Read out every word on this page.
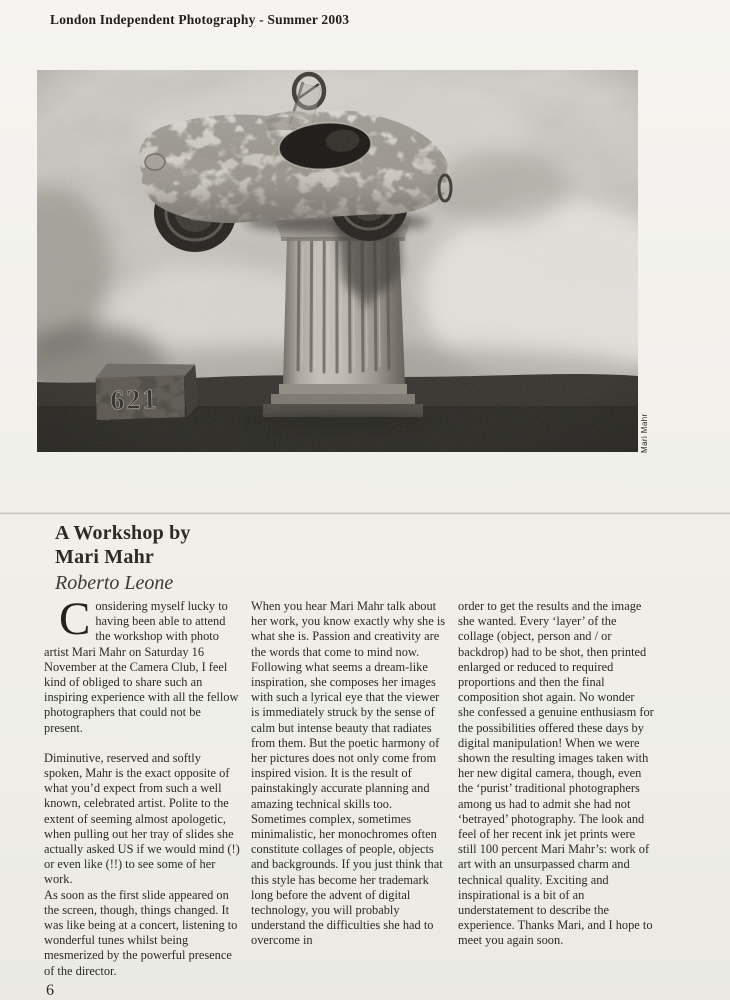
London Independent Photography - Summer 2003
Mari Mahr
A Workshop by
Mari Mahr
Roberto Leone

Considering myself lucky to having been able to attend the workshop with photo artist Mari Mahr on Saturday 16 November at the Camera Club, I feel kind of obliged to share such an inspiring experience with all the fellow photographers that could not be present.

Diminutive, reserved and softly spoken, Mahr is the exact opposite of what you’d expect from such a well known, celebrated artist. Polite to the extent of seeming almost apologetic, when pulling out her tray of slides she actually asked US if we would mind (!) or even like (!!) to see some of her work.

As soon as the first slide appeared on the screen, though, things changed. It was like being at a concert, listening to wonderful tunes whilst being mesmerized by the powerful presence of the director.

When you hear Mari Mahr talk about her work, you know exactly why she is what she is. Passion and creativity are the words that come to mind now.

Following what seems a dream-like inspiration, she composes her images with such a lyrical eye that the viewer is immediately struck by the sense of calm but intense beauty that radiates from them. But the poetic harmony of her pictures does not only come from inspired vision. It is the result of painstakingly accurate planning and amazing technical skills too. Sometimes complex, sometimes minimalistic, her monochromes often constitute collages of people, objects and backgrounds. If you just think that this style has become her trademark long before the advent of digital technology, you will probably understand the difficulties she had to overcome in

order to get the results and the image she wanted. Every ‘layer’ of the collage (object, person and / or backdrop) had to be shot, then printed enlarged or reduced to required proportions and then the final composition shot again. No wonder she confessed a genuine enthusiasm for the possibilities offered these days by digital manipulation! When we were shown the resulting images taken with her new digital camera, though, even the ‘purist’ traditional photographers among us had to admit she had not ‘betrayed’ photography. The look and feel of her recent ink jet prints were still 100 percent Mari Mahr’s: work of art with an unsurpassed charm and technical quality. Exciting and inspirational is a bit of an understatement to describe the experience. Thanks Mari, and I hope to meet you again soon.

6
